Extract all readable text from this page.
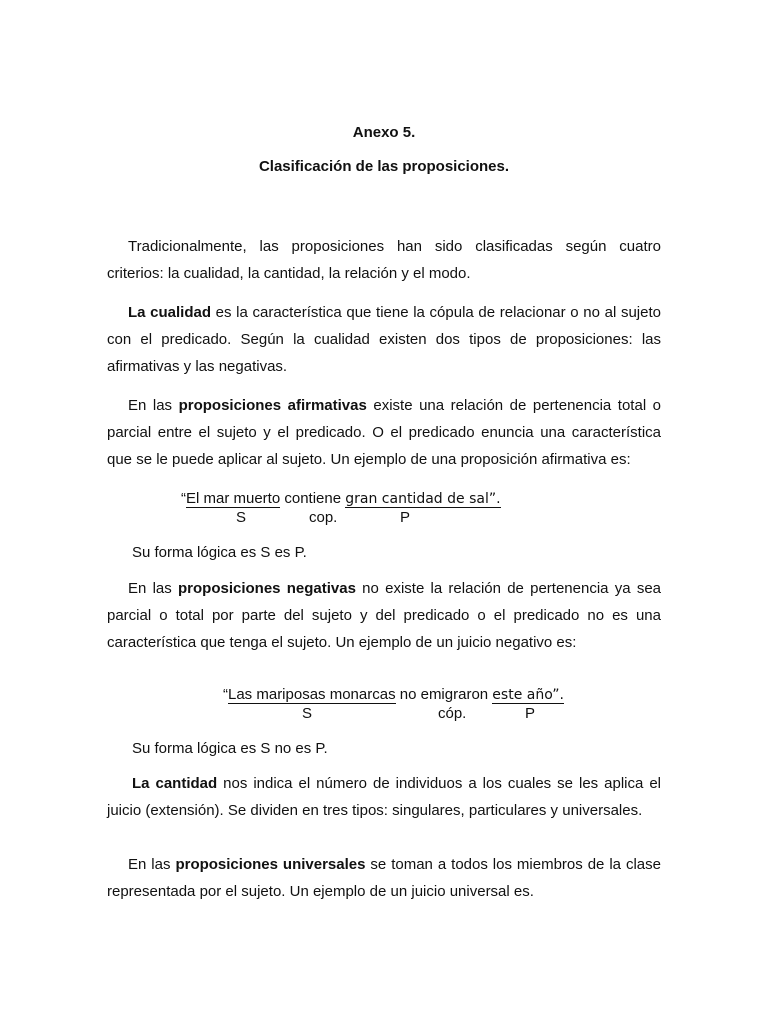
Anexo 5.
Clasificación de las proposiciones.
Tradicionalmente, las proposiciones han sido clasificadas según cuatro criterios: la cualidad, la cantidad, la relación y el modo.
La cualidad es la característica que tiene la cópula de relacionar o no al sujeto con el predicado. Según la cualidad existen dos tipos de proposiciones: las afirmativas y las negativas.
En las proposiciones afirmativas existe una relación de pertenencia total o parcial entre el sujeto y el predicado. O el predicado enuncia una característica que se le puede aplicar al sujeto. Un ejemplo de una proposición afirmativa es:
“El mar muerto contiene gran cantidad de sal”.
S	cop.	P
Su forma lógica es S es P.
En las proposiciones negativas no existe la relación de pertenencia ya sea parcial o total por parte del sujeto y del predicado o el predicado no es una característica que tenga el sujeto. Un ejemplo de un juicio negativo es:
“Las mariposas monarcas no emigraron este año”.
S	cóp.	P
Su forma lógica es S no es P.
La cantidad nos indica el número de individuos a los cuales se les aplica el juicio (extensión). Se dividen en tres tipos: singulares, particulares y universales.
En las proposiciones universales se toman a todos los miembros de la clase representada por el sujeto. Un ejemplo de un juicio universal es.
